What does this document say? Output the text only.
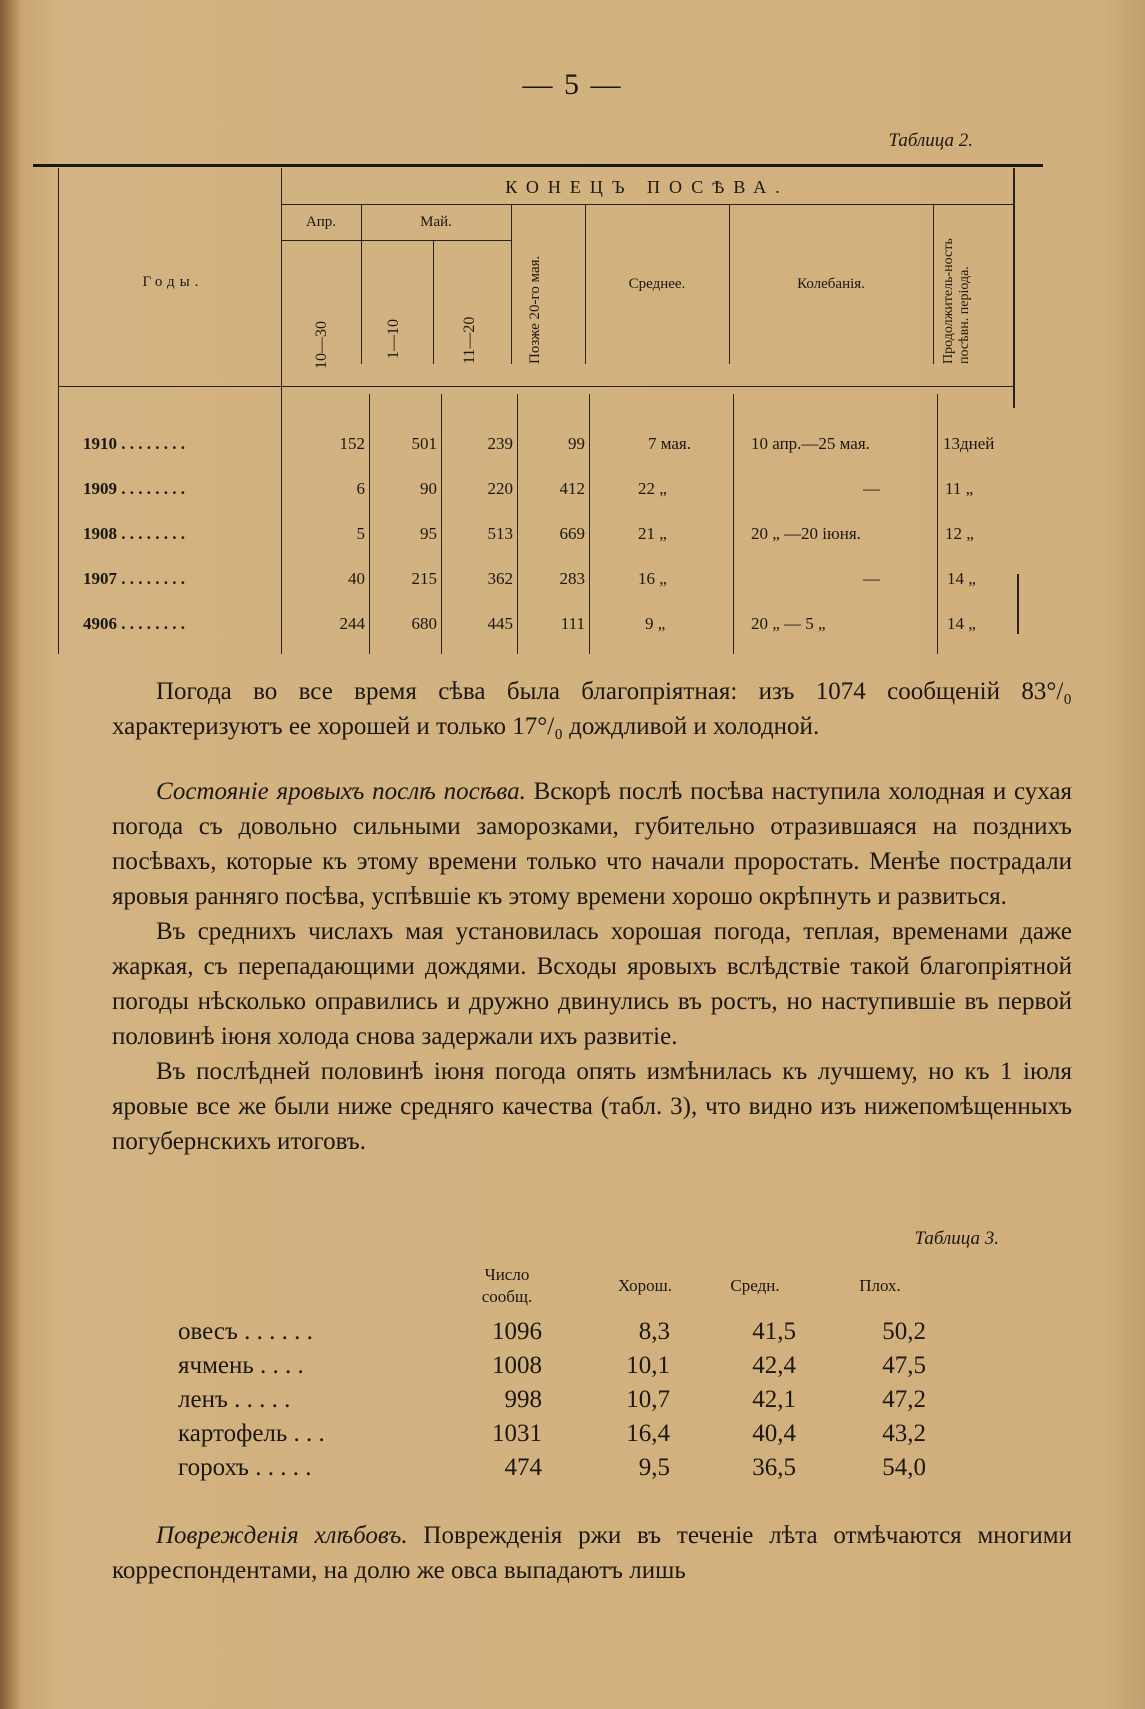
— 5 —
Таблица 2.
КОНЕЦЪ ПОСѢВА.
Годы.
Апр.	Май.
10—30	1—10	11—20	Позже 20-го мая.	Среднее.	Колебанія.	Продолжитель-ность посѣвн. періода.
1910 . . . . . . . .	152	501	239	99	7 мая.	10 апр.—25 мая.	13дней
1909 . . . . . . . .	6	90	220	412	22 „	—	11 „
1908 . . . . . . . .	5	95	513	669	21 „	20 „ —20 іюня.	12 „
1907 . . . . . . . .	40	215	362	283	16 „	—	14 „
4906 . . . . . . . .	244	680	445	111	9 „	20 „ — 5 „	14 „

Погода во все время сѣва была благопріятная: изъ 1074 сообщеній 83°/₀ характеризуютъ ее хорошей и только 17°/₀ дождливой и холодной.

Состояніе яровыхъ послѣ посѣва. Вскорѣ послѣ посѣва наступила холодная и сухая погода съ довольно сильными заморозками, губительно отразившаяся на позднихъ посѣвахъ, которые къ этому времени только что начали проростать. Менѣе пострадали яровыя ранняго посѣва, успѣвшіе къ этому времени хорошо окрѣпнуть и развиться.

Въ среднихъ числахъ мая установилась хорошая погода, теплая, временами даже жаркая, съ перепадающими дождями. Всходы яровыхъ вслѣдствіе такой благопріятной погоды нѣсколько оправились и дружно двинулись въ ростъ, но наступившіе въ первой половинѣ іюня холода снова задержали ихъ развитіе.

Въ послѣдней половинѣ іюня погода опять измѣнилась къ лучшему, но къ 1 іюля яровые все же были ниже средняго качества (табл. 3), что видно изъ нижепомѣщенныхъ погубернскихъ итоговъ.

Таблица 3.
Число сообщ.
Хорош.	Средн.	Плох.
овесъ . . . . . .	1096	8,3	41,5	50,2
ячмень . . . .	1008	10,1	42,4	47,5
ленъ . . . . .	998	10,7	42,1	47,2
картофель . . .	1031	16,4	40,4	43,2
горохъ . . . . .	474	9,5	36,5	54,0

Поврежденія хлѣбовъ. Поврежденія ржи въ теченіе лѣта отмѣчаются многими корреспондентами, на долю же овса выпадаютъ лишь
